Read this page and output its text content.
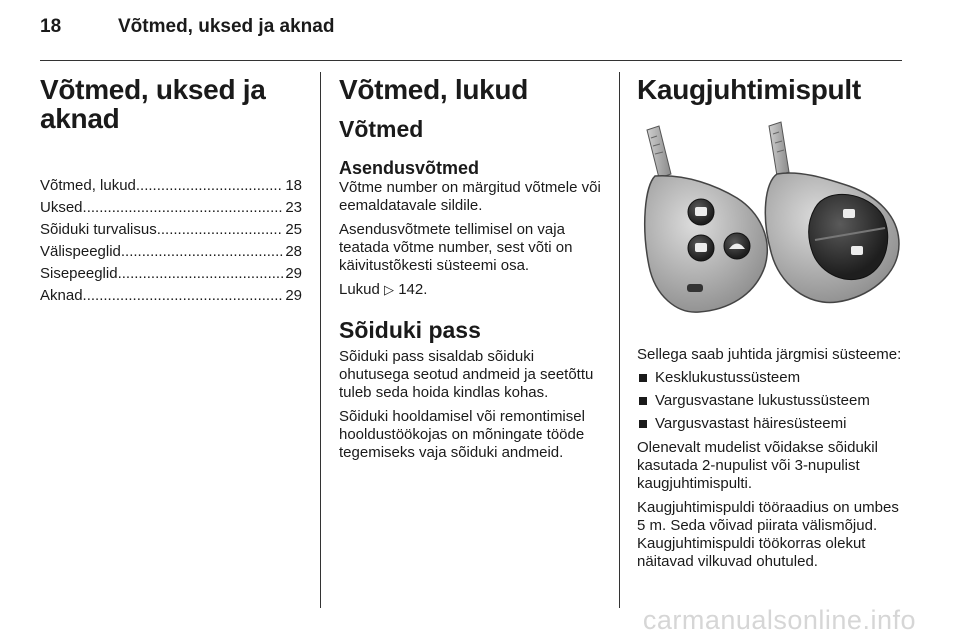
18	Võtmed, uksed ja aknad
Võtmed, uksed ja
aknad
Võtmed, lukud .....	18
Uksed .....	23
Sõiduki turvalisus .....	25
Välispeeglid .....	28
Sisepeeglid .....	29
Aknad .....	29
Võtmed, lukud
Võtmed
Asendusvõtmed

Võtme number on märgitud võtmele või eemaldatavale sildile.

Asendusvõtmete tellimisel on vaja teatada võtme number, sest võti on käivitustõkesti süsteemi osa.

Lukud ▷ 142.

Sõiduki pass

Sõiduki pass sisaldab sõiduki ohutusega seotud andmeid ja seetõttu tuleb seda hoida kindlas kohas.

Sõiduki hooldamisel või remontimisel hooldustöökojas on mõningate tööde tegemiseks vaja sõiduki andmeid.

Kaugjuhtimispult

Sellega saab juhtida järgmisi süsteeme:

Kesklukustussüsteem
Vargusvastane lukustussüsteem
Vargusvastast häiresüsteemi

Olenevalt mudelist võidakse sõidukil kasutada 2-nupulist või 3-nupulist kaugjuhtimispulti.

Kaugjuhtimispuldi tööraadius on umbes 5 m. Seda võivad piirata välismõjud. Kaugjuhtimispuldi töökorras olekut näitavad vilkuvad ohutuled.

carmanualsonline.info
